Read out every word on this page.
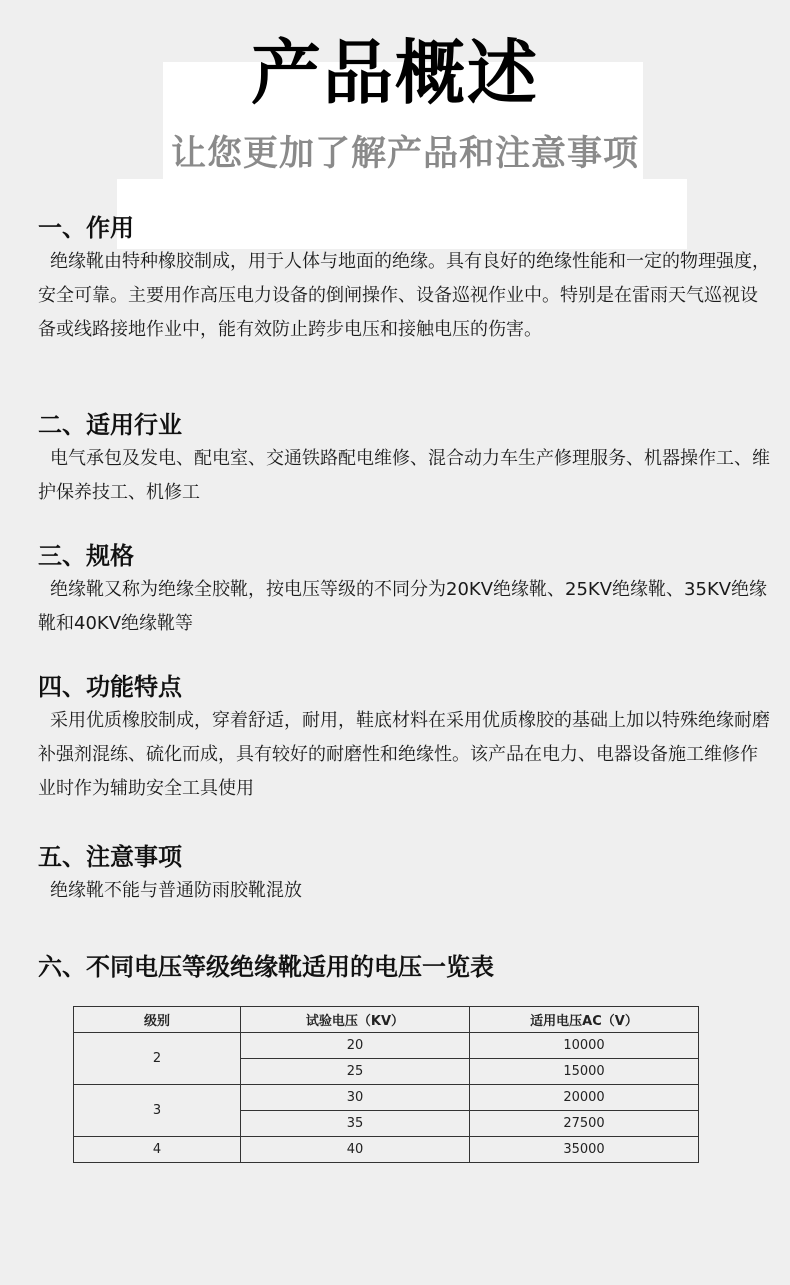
产品概述
让您更加了解产品和注意事项

一、作用

绝缘靴由特种橡胶制成，用于人体与地面的绝缘。具有良好的绝缘性能和一定的物理强度，安全可靠。主要用作高压电力设备的倒闸操作、设备巡视作业中。特别是在雷雨天气巡视设备或线路接地作业中，能有效防止跨步电压和接触电压的伤害。

二、适用行业

电气承包及发电、配电室、交通铁路配电维修、混合动力车生产修理服务、机器操作工、维护保养技工、机修工

三、规格

绝缘靴又称为绝缘全胶靴，按电压等级的不同分为20KV绝缘靴、25KV绝缘靴、35KV绝缘靴和40KV绝缘靴等

四、功能特点

采用优质橡胶制成，穿着舒适，耐用，鞋底材料在采用优质橡胶的基础上加以特殊绝缘耐磨补强剂混练、硫化而成，具有较好的耐磨性和绝缘性。该产品在电力、电器设备施工维修作业时作为辅助安全工具使用

五、注意事项

绝缘靴不能与普通防雨胶靴混放

六、不同电压等级绝缘靴适用的电压一览表

级别	试验电压（KV）	适用电压AC（V）
2	20	10000
	25	15000
3	30	20000
	35	27500
4	40	35000
